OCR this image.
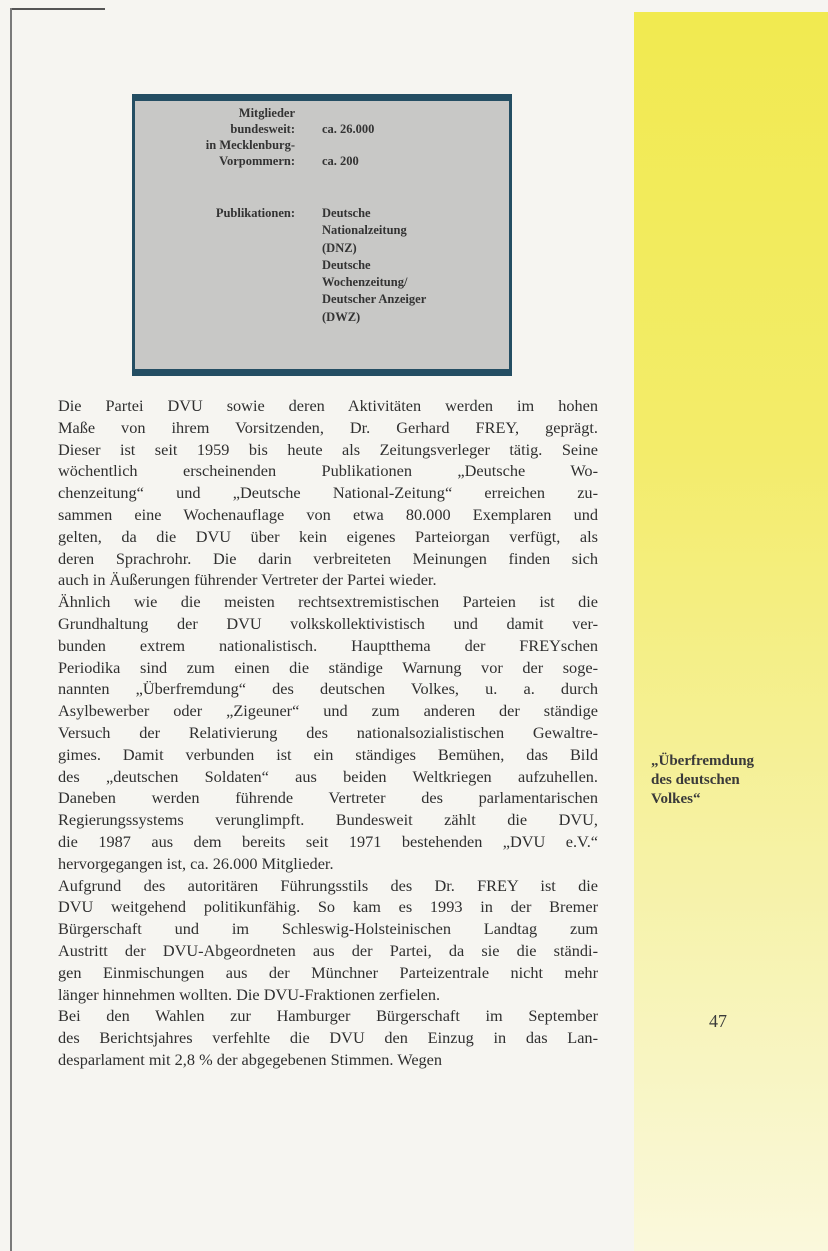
Mitglieder
bundesweit: ca. 26.000
in Mecklenburg-
Vorpommern: ca. 200
Publikationen: Deutsche
Nationalzeitung
(DNZ)
Deutsche
Wochenzeitung/
Deutscher Anzeiger
(DWZ)
Die Partei DVU sowie deren Aktivitäten werden im hohen
Maße von ihrem Vorsitzenden, Dr. Gerhard FREY, geprägt.
Dieser ist seit 1959 bis heute als Zeitungsverleger tätig. Seine
wöchentlich erscheinenden Publikationen „Deutsche Wo-
chenzeitung“ und „Deutsche National-Zeitung“ erreichen zu-
sammen eine Wochenauflage von etwa 80.000 Exemplaren und
gelten, da die DVU über kein eigenes Parteiorgan verfügt, als
deren Sprachrohr. Die darin verbreiteten Meinungen finden sich
auch in Äußerungen führender Vertreter der Partei wieder.
Ähnlich wie die meisten rechtsextremistischen Parteien ist die
Grundhaltung der DVU volkskollektivistisch und damit ver-
bunden extrem nationalistisch. Hauptthema der FREYschen
Periodika sind zum einen die ständige Warnung vor der soge-
nannten „Überfremdung“ des deutschen Volkes, u. a. durch
Asylbewerber oder „Zigeuner“ und zum anderen der ständige
Versuch der Relativierung des nationalsozialistischen Gewaltre-
gimes. Damit verbunden ist ein ständiges Bemühen, das Bild
des „deutschen Soldaten“ aus beiden Weltkriegen aufzuhellen.
Daneben werden führende Vertreter des parlamentarischen
Regierungssystems verunglimpft. Bundesweit zählt die DVU,
die 1987 aus dem bereits seit 1971 bestehenden „DVU e.V.“
hervorgegangen ist, ca. 26.000 Mitglieder.
Aufgrund des autoritären Führungsstils des Dr. FREY ist die
DVU weitgehend politikunfähig. So kam es 1993 in der Bremer
Bürgerschaft und im Schleswig-Holsteinischen Landtag zum
Austritt der DVU-Abgeordneten aus der Partei, da sie die ständi-
gen Einmischungen aus der Münchner Parteizentrale nicht mehr
länger hinnehmen wollten. Die DVU-Fraktionen zerfielen.
Bei den Wahlen zur Hamburger Bürgerschaft im September
des Berichtsjahres verfehlte die DVU den Einzug in das Lan-
desparlament mit 2,8 % der abgegebenen Stimmen. Wegen
„Überfremdung
des deutschen
Volkes“
47
